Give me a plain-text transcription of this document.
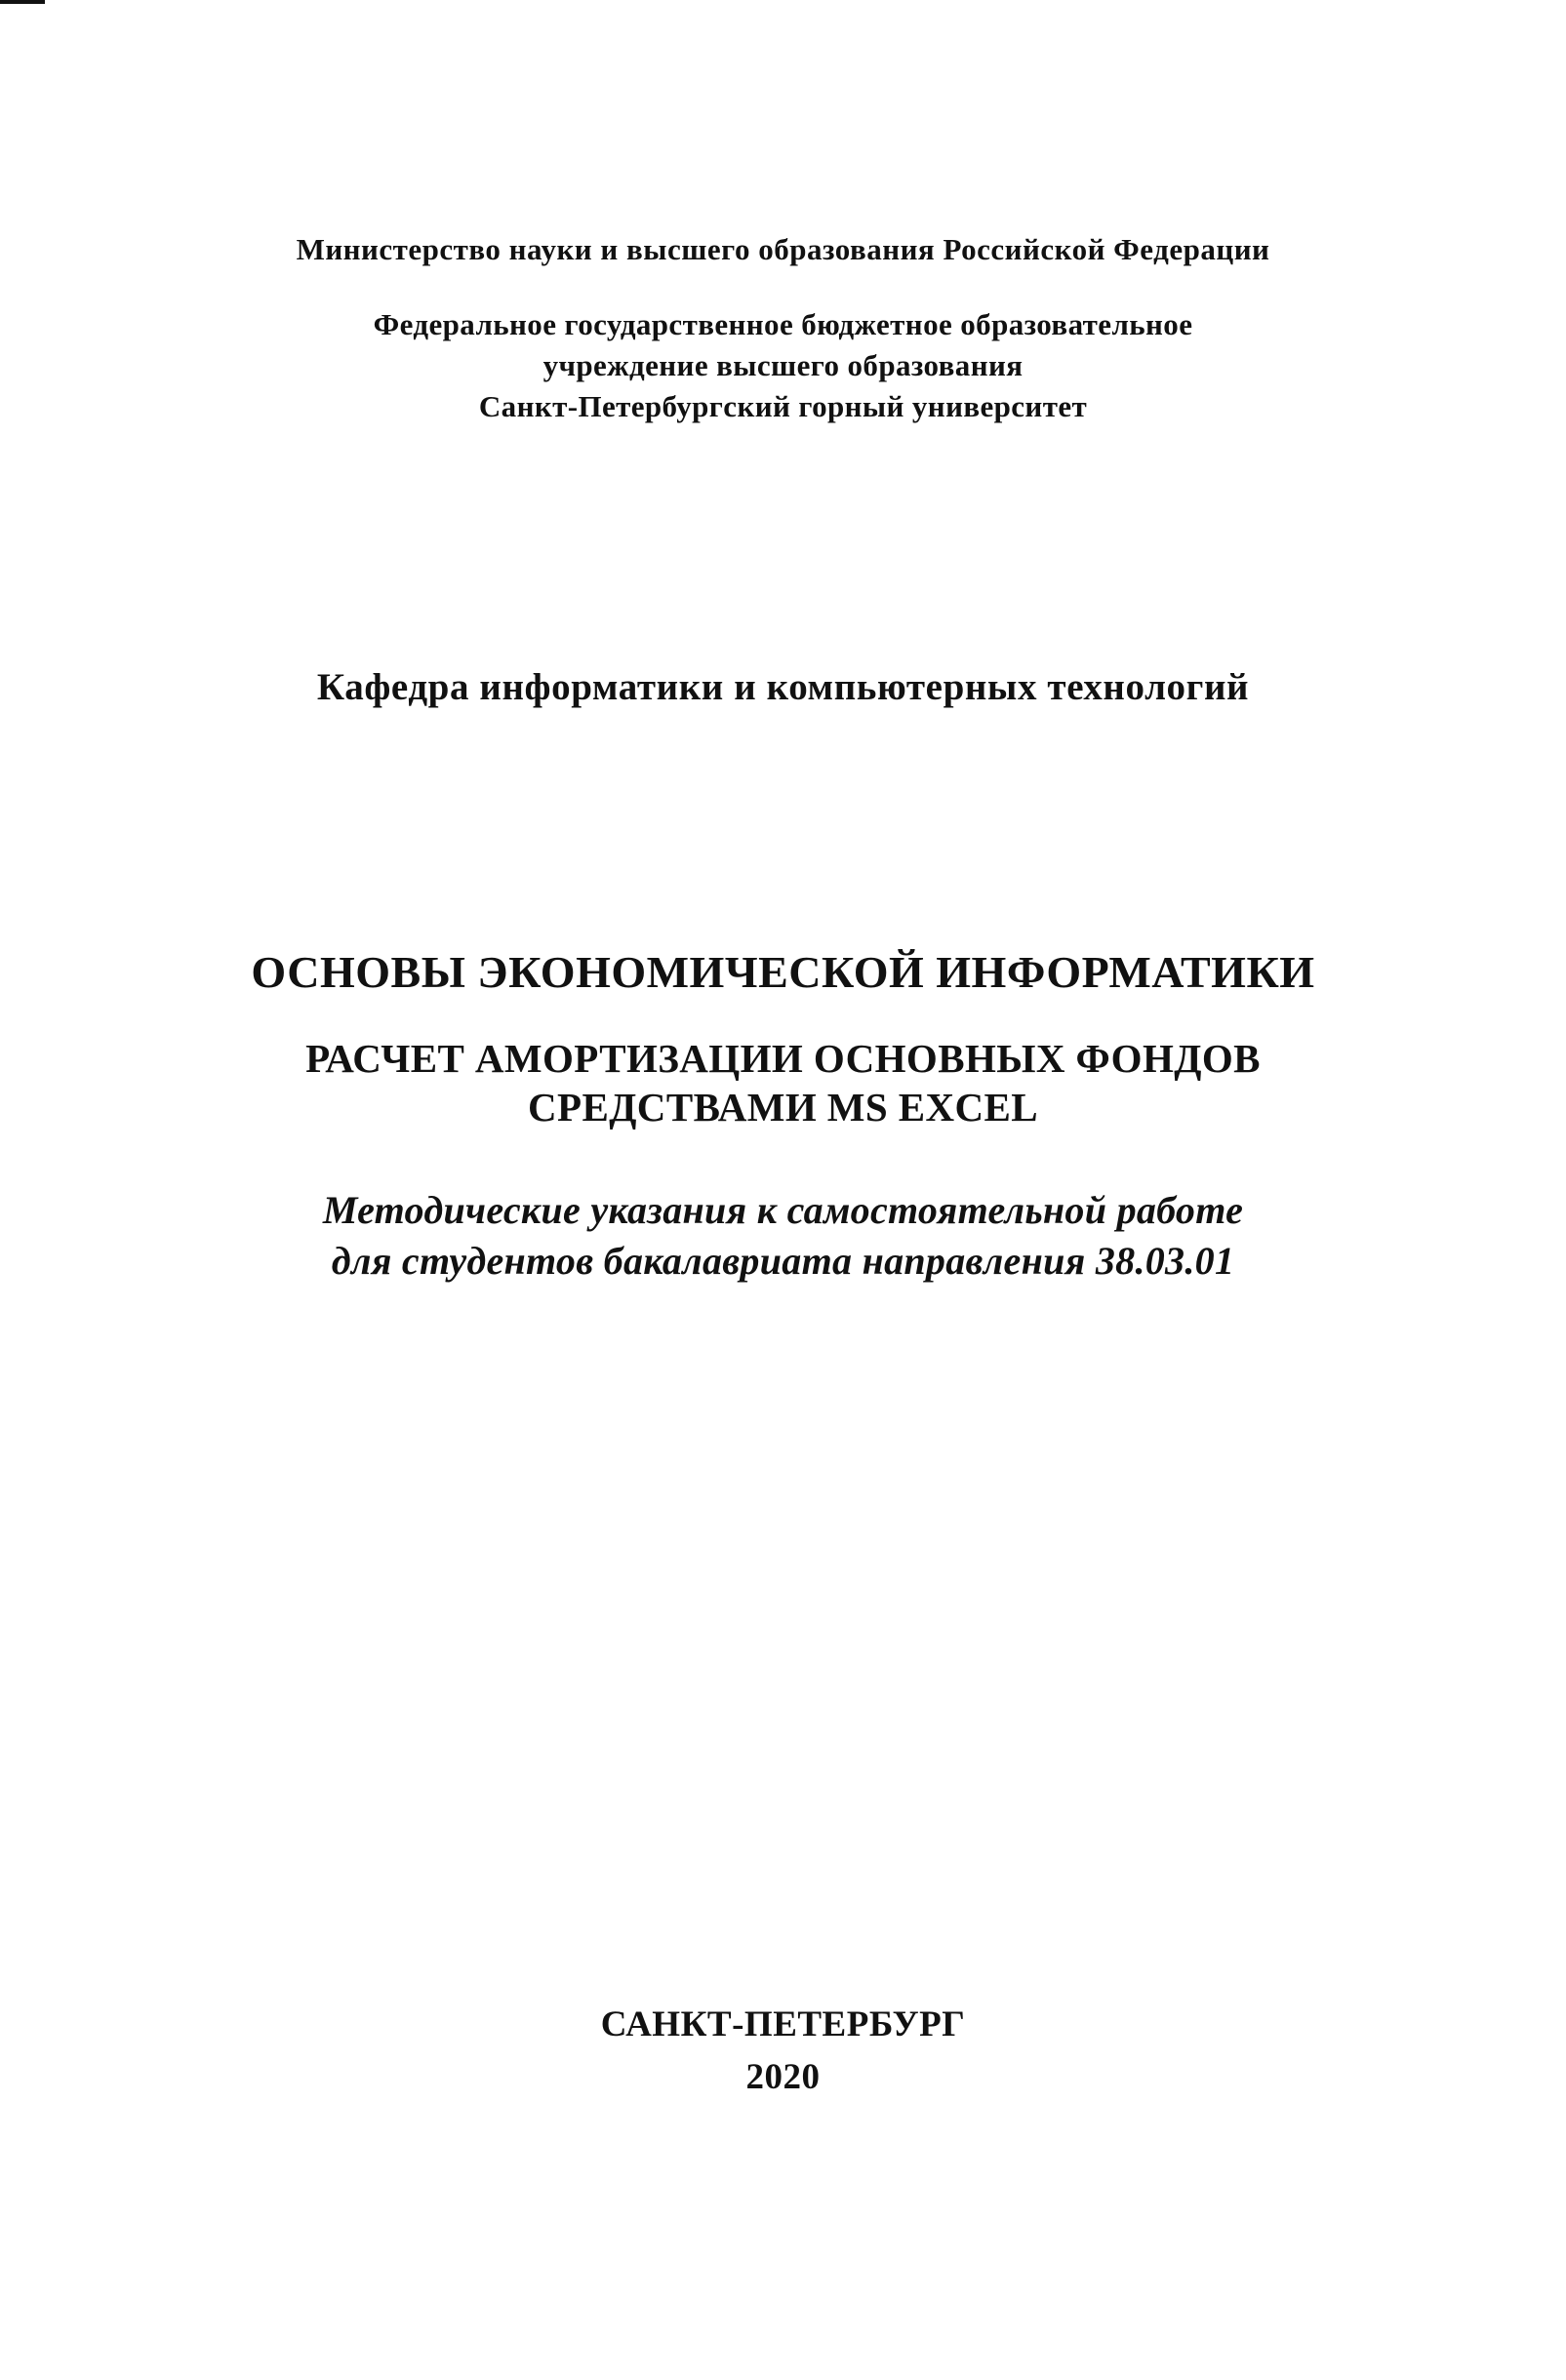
Министерство науки и высшего образования Российской Федерации
Федеральное государственное бюджетное образовательное
учреждение высшего образования
Санкт-Петербургский горный университет
Кафедра информатики и компьютерных технологий
ОСНОВЫ ЭКОНОМИЧЕСКОЙ ИНФОРМАТИКИ
РАСЧЕТ АМОРТИЗАЦИИ ОСНОВНЫХ ФОНДОВ
СРЕДСТВАМИ MS EXCEL
Методические указания к самостоятельной работе
для студентов бакалавриата направления 38.03.01
САНКТ-ПЕТЕРБУРГ
2020
